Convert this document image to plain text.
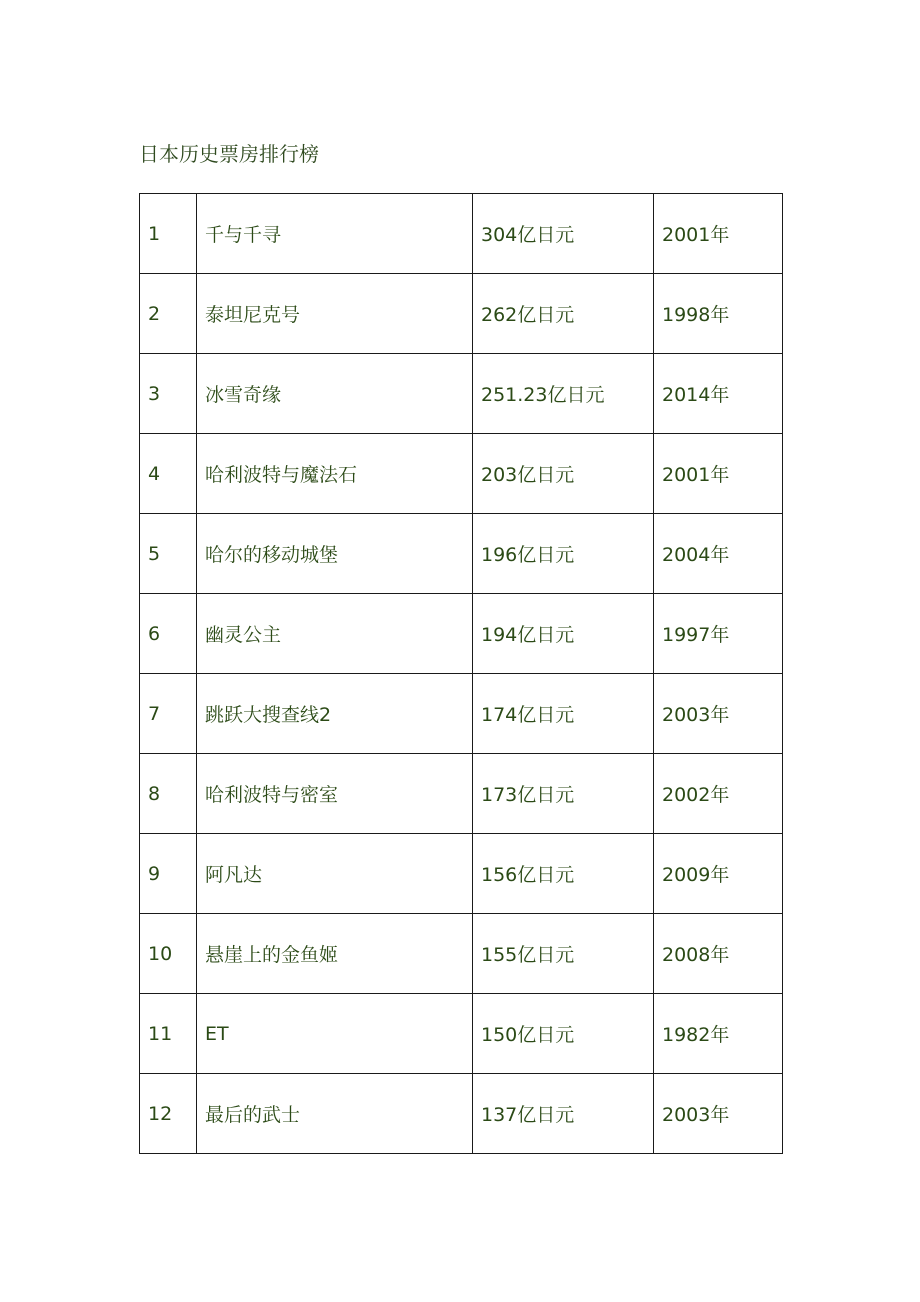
日本历史票房排行榜
1	千与千寻	304亿日元	2001年
2	泰坦尼克号	262亿日元	1998年
3	冰雪奇缘	251.23亿日元	2014年
4	哈利波特与魔法石	203亿日元	2001年
5	哈尔的移动城堡	196亿日元	2004年
6	幽灵公主	194亿日元	1997年
7	跳跃大搜查线2	174亿日元	2003年
8	哈利波特与密室	173亿日元	2002年
9	阿凡达	156亿日元	2009年
10	悬崖上的金鱼姬	155亿日元	2008年
11	ET	150亿日元	1982年
12	最后的武士	137亿日元	2003年
